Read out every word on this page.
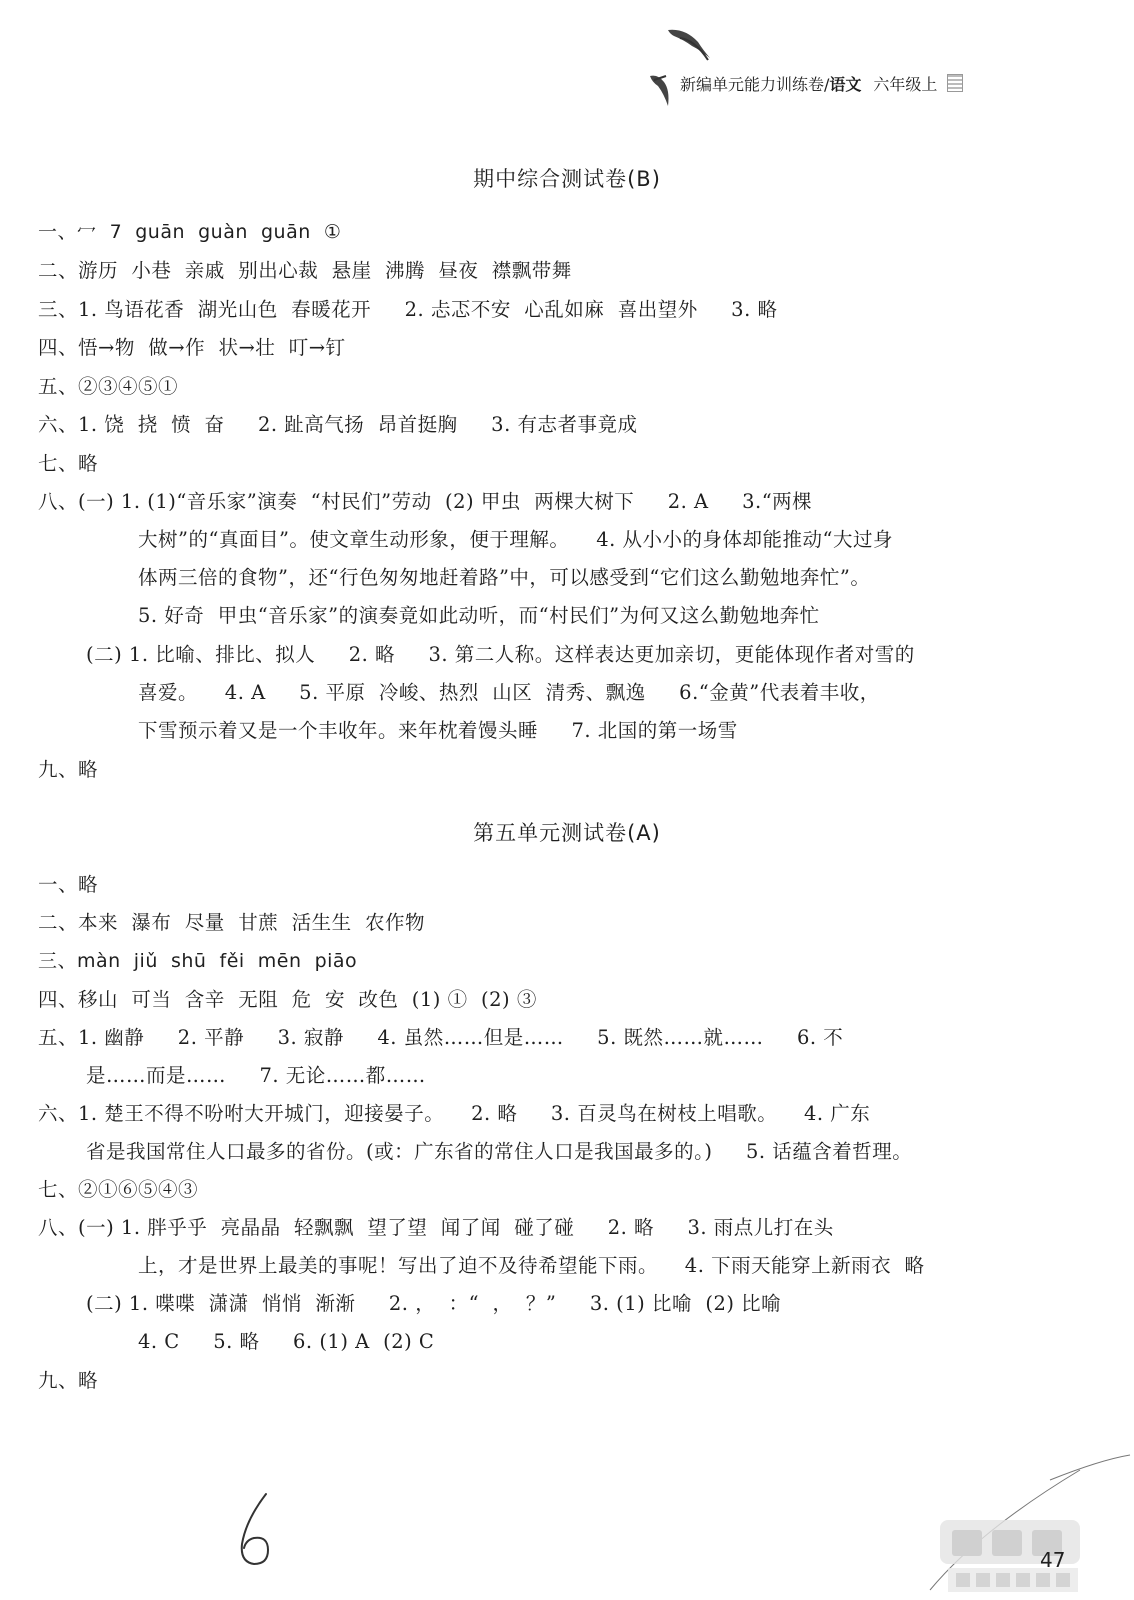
新编单元能力训练卷/语文 六年级上
期中综合测试卷(B)
一、冖  7  guān  guàn  guān  ①
二、游历  小巷  亲戚  别出心裁  悬崖  沸腾  昼夜  襟飘带舞
三、1. 鸟语花香  湖光山色  春暖花开     2. 忐忑不安  心乱如麻  喜出望外     3. 略
四、悟→物  做→作  状→壮  叮→钉
五、②③④⑤①
六、1. 饶  挠  愤  奋     2. 趾高气扬  昂首挺胸     3. 有志者事竟成
七、略
八、(一) 1. (1)“音乐家”演奏  “村民们”劳动  (2) 甲虫  两棵大树下     2. A     3.“两棵
大树”的“真面目”。使文章生动形象，便于理解。    4. 从小小的身体却能推动“大过身
体两三倍的食物”，还“行色匆匆地赶着路”中，可以感受到“它们这么勤勉地奔忙”。
5. 好奇  甲虫“音乐家”的演奏竟如此动听，而“村民们”为何又这么勤勉地奔忙
(二) 1. 比喻、排比、拟人     2. 略     3. 第二人称。这样表达更加亲切，更能体现作者对雪的
喜爱。    4. A     5. 平原  冷峻、热烈  山区  清秀、飘逸     6.“金黄”代表着丰收，
下雪预示着又是一个丰收年。来年枕着馒头睡     7. 北国的第一场雪
九、略
第五单元测试卷(A)
一、略
二、本来  瀑布  尽量  甘蔗  活生生  农作物
三、màn  jiǔ  shū  fěi  mēn  piāo
四、移山  可当  含辛  无阻  危  安  改色  (1) ①  (2) ③
五、1. 幽静     2. 平静     3. 寂静     4. 虽然……但是……     5. 既然……就……     6. 不
是……而是……     7. 无论……都……
六、1. 楚王不得不吩咐大开城门，迎接晏子。    2. 略     3. 百灵鸟在树枝上唱歌。    4. 广东
省是我国常住人口最多的省份。(或：广东省的常住人口是我国最多的。)     5. 话蕴含着哲理。
七、②①⑥⑤④③
八、(一) 1. 胖乎乎  亮晶晶  轻飘飘  望了望  闻了闻  碰了碰     2. 略     3. 雨点儿打在头
上，才是世界上最美的事呢！写出了迫不及待希望能下雨。    4. 下雨天能穿上新雨衣  略
(二) 1. 喋喋  潇潇  悄悄  渐渐     2. ，  ：“  ，  ？”     3. (1) 比喻  (2) 比喻
4. C     5. 略     6. (1) A  (2) C
九、略
47
